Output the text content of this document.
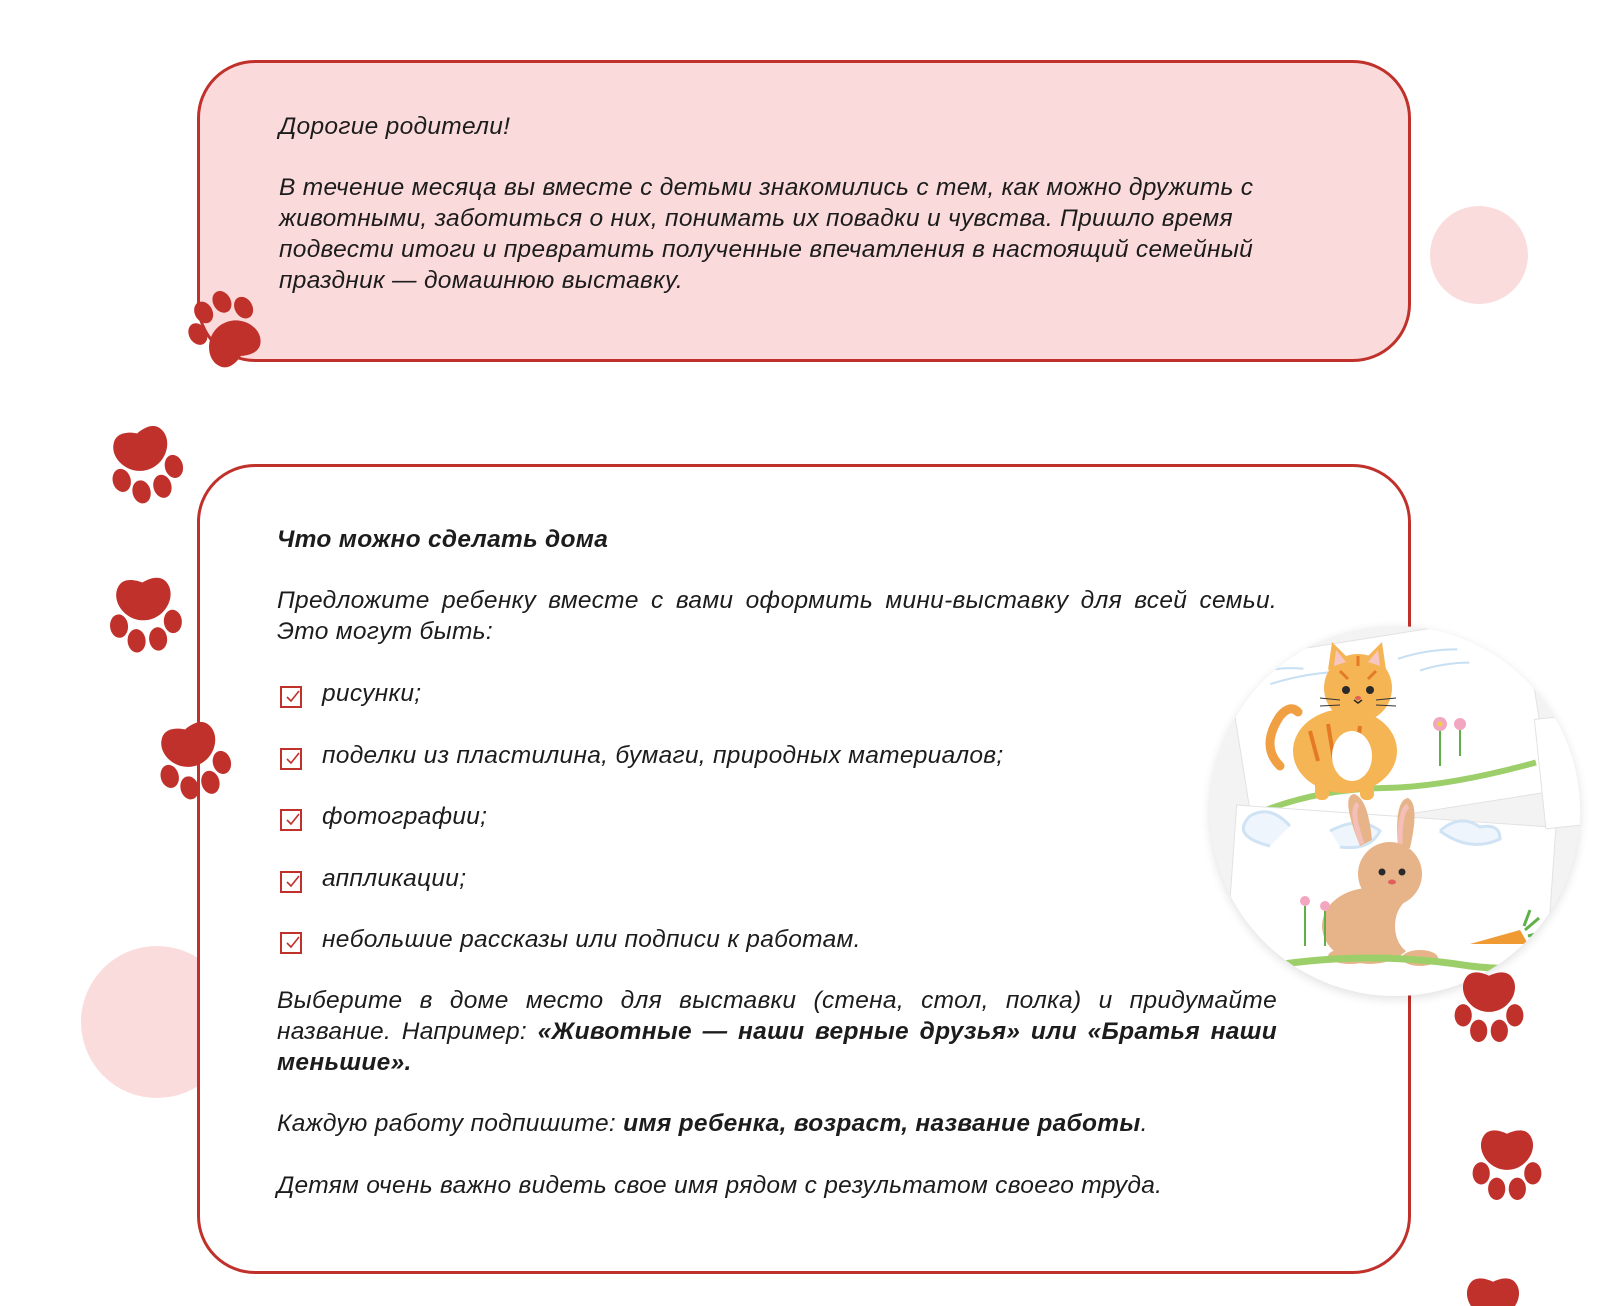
Дорогие родители!
В течение месяца вы вместе с детьми знакомились с тем, как можно дружить с животными, заботиться о них, понимать их повадки и чувства. Пришло время подвести итоги и превратить полученные впечатления в настоящий семейный праздник — домашнюю выставку.
Что можно сделать дома
Предложите ребенку вместе с вами оформить мини-выставку для всей семьи. Это могут быть:
рисунки;
поделки из пластилина, бумаги, природных материалов;
фотографии;
аппликации;
небольшие рассказы или подписи к работам.
Выберите в доме место для выставки (стена, стол, полка) и придумайте название. Например: «Животные — наши верные друзья» или «Братья наши меньшие».
Каждую работу подпишите: имя ребенка, возраст, название работы.
Детям очень важно видеть свое имя рядом с результатом своего труда.
